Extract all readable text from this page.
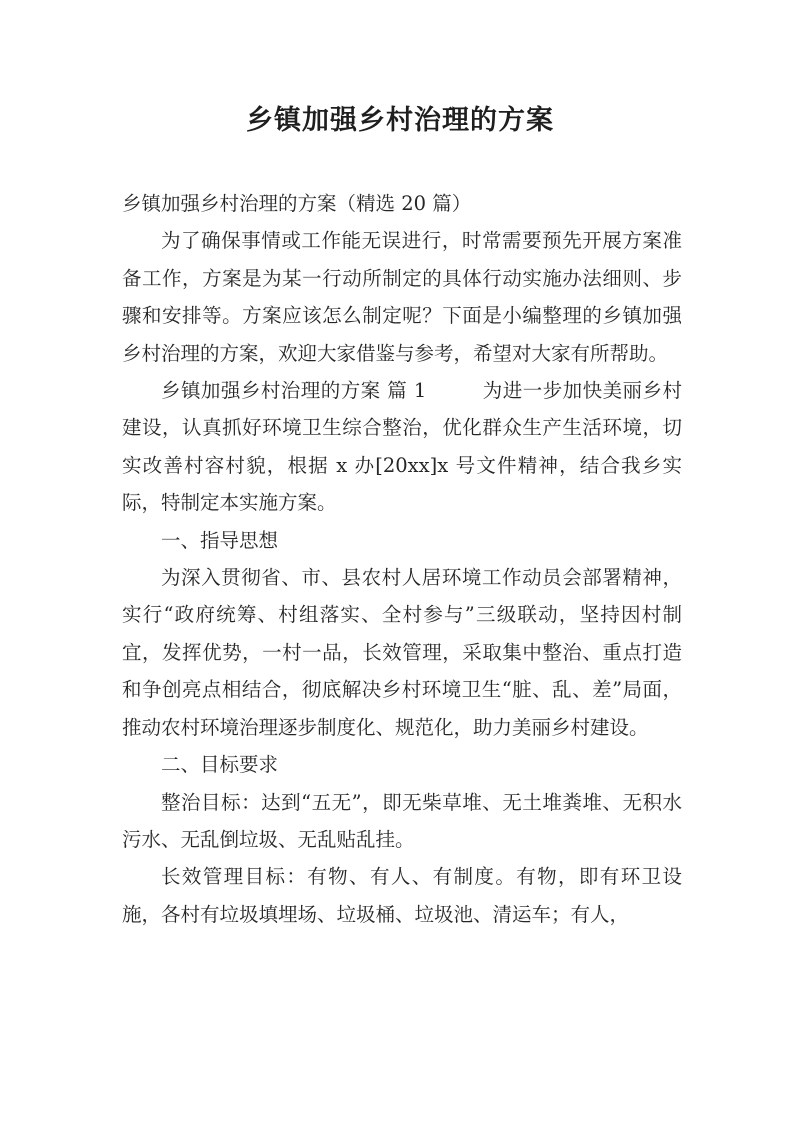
乡镇加强乡村治理的方案

乡镇加强乡村治理的方案（精选 20 篇）

为了确保事情或工作能无误进行，时常需要预先开展方案准备工作，方案是为某一行动所制定的具体行动实施办法细则、步骤和安排等。方案应该怎么制定呢？下面是小编整理的乡镇加强乡村治理的方案，欢迎大家借鉴与参考，希望对大家有所帮助。

乡镇加强乡村治理的方案 篇 1	为进一步加快美丽乡村建设，认真抓好环境卫生综合整治，优化群众生产生活环境，切实改善村容村貌，根据 x 办[20xx]x 号文件精神，结合我乡实际，特制定本实施方案。

一、指导思想

为深入贯彻省、市、县农村人居环境工作动员会部署精神，实行“政府统筹、村组落实、全村参与”三级联动，坚持因村制宜，发挥优势，一村一品，长效管理，采取集中整治、重点打造和争创亮点相结合，彻底解决乡村环境卫生“脏、乱、差”局面，推动农村环境治理逐步制度化、规范化，助力美丽乡村建设。

二、目标要求

整治目标：达到“五无”，即无柴草堆、无土堆粪堆、无积水污水、无乱倒垃圾、无乱贴乱挂。

长效管理目标：有物、有人、有制度。有物，即有环卫设施，各村有垃圾填埋场、垃圾桶、垃圾池、清运车；有人，
